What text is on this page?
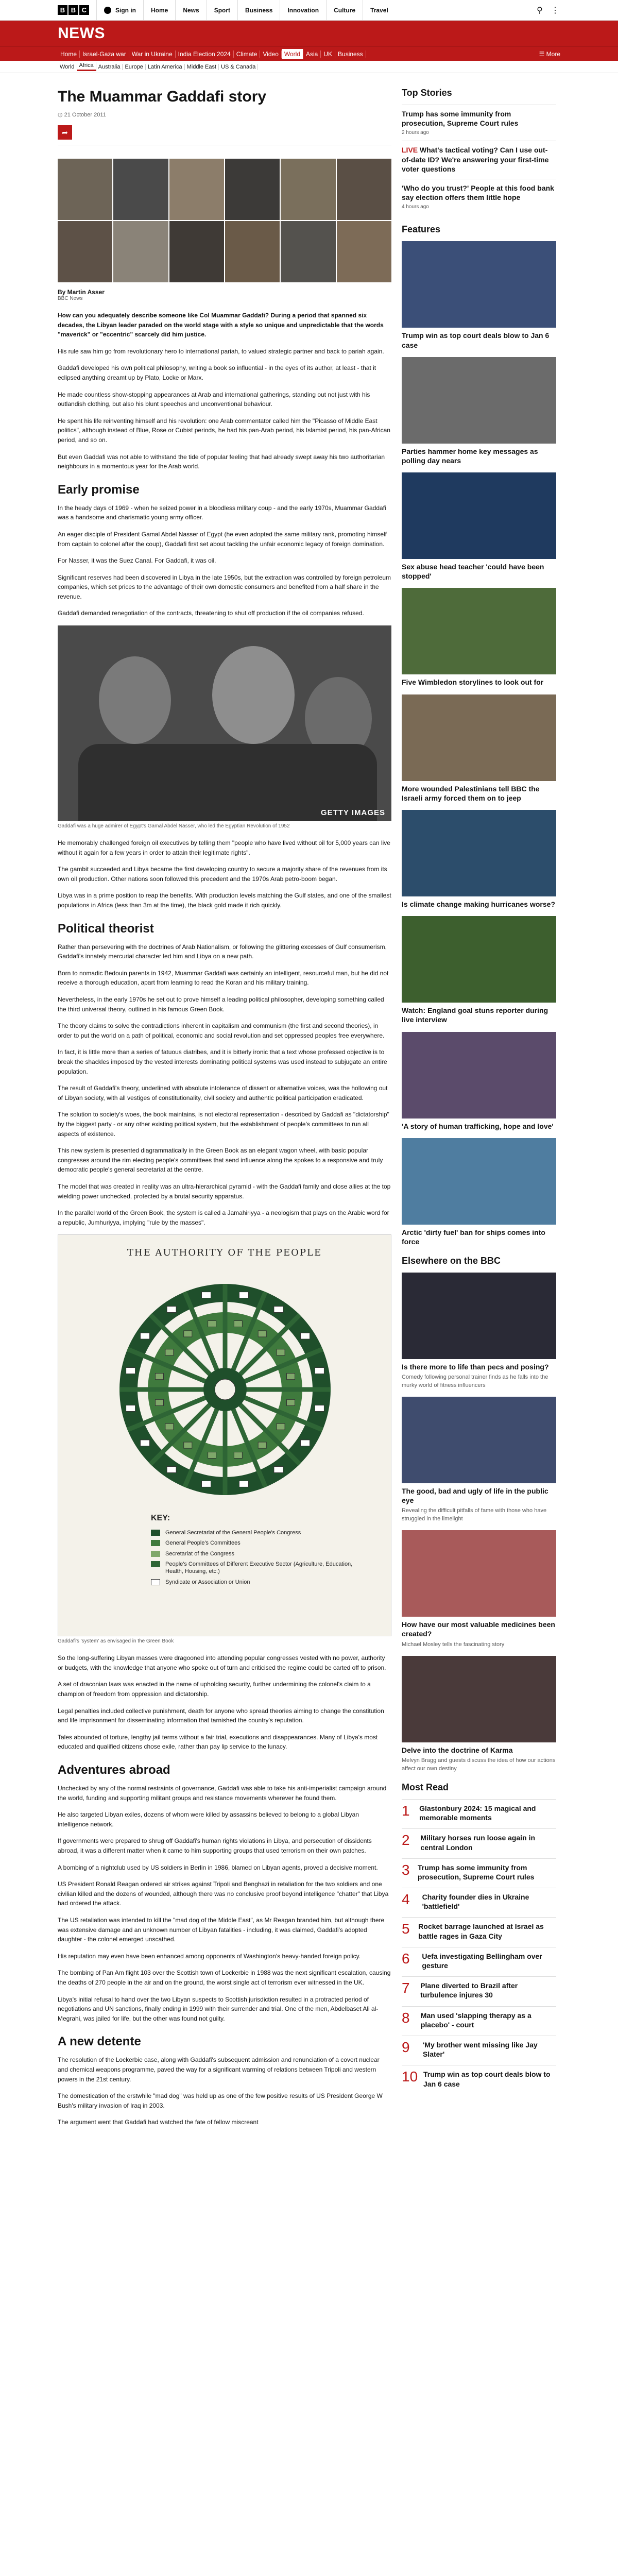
B B C	Sign in	Home	News	Sport	Business	Innovation	Culture	Travel	⚲ ⋮
NEWS
Home Israel-Gaza war War in Ukraine India Election 2024 Climate Video World Asia UK Business	☰ More
World Africa Australia Europe Latin America Middle East US & Canada
The Muammar Gaddafi story
◷ 21 October 2011
➦
By Martin Asser
BBC News

How can you adequately describe someone like Col Muammar Gaddafi? During a period that spanned six decades, the Libyan leader paraded on the world stage with a style so unique and unpredictable that the words "maverick" or "eccentric" scarcely did him justice.

His rule saw him go from revolutionary hero to international pariah, to valued strategic partner and back to pariah again.

Gaddafi developed his own political philosophy, writing a book so influential - in the eyes of its author, at least - that it eclipsed anything dreamt up by Plato, Locke or Marx.

He made countless show-stopping appearances at Arab and international gatherings, standing out not just with his outlandish clothing, but also his blunt speeches and unconventional behaviour.

He spent his life reinventing himself and his revolution: one Arab commentator called him the "Picasso of Middle East politics", although instead of Blue, Rose or Cubist periods, he had his pan-Arab period, his Islamist period, his pan-African period, and so on.

But even Gaddafi was not able to withstand the tide of popular feeling that had already swept away his two authoritarian neighbours in a momentous year for the Arab world.

Early promise

In the heady days of 1969 - when he seized power in a bloodless military coup - and the early 1970s, Muammar Gaddafi was a handsome and charismatic young army officer.

An eager disciple of President Gamal Abdel Nasser of Egypt (he even adopted the same military rank, promoting himself from captain to colonel after the coup), Gaddafi first set about tackling the unfair economic legacy of foreign domination.

For Nasser, it was the Suez Canal. For Gaddafi, it was oil.

Significant reserves had been discovered in Libya in the late 1950s, but the extraction was controlled by foreign petroleum companies, which set prices to the advantage of their own domestic consumers and benefited from a half share in the revenue.

Gaddafi demanded renegotiation of the contracts, threatening to shut off production if the oil companies refused.

GETTY IMAGES
Gaddafi was a huge admirer of Egypt's Gamal Abdel Nasser, who led the Egyptian Revolution of 1952

He memorably challenged foreign oil executives by telling them "people who have lived without oil for 5,000 years can live without it again for a few years in order to attain their legitimate rights".

The gambit succeeded and Libya became the first developing country to secure a majority share of the revenues from its own oil production. Other nations soon followed this precedent and the 1970s Arab petro-boom began.

Libya was in a prime position to reap the benefits. With production levels matching the Gulf states, and one of the smallest populations in Africa (less than 3m at the time), the black gold made it rich quickly.

Political theorist

Rather than persevering with the doctrines of Arab Nationalism, or following the glittering excesses of Gulf consumerism, Gaddafi's innately mercurial character led him and Libya on a new path.

Born to nomadic Bedouin parents in 1942, Muammar Gaddafi was certainly an intelligent, resourceful man, but he did not receive a thorough education, apart from learning to read the Koran and his military training.

Nevertheless, in the early 1970s he set out to prove himself a leading political philosopher, developing something called the third universal theory, outlined in his famous Green Book.

The theory claims to solve the contradictions inherent in capitalism and communism (the first and second theories), in order to put the world on a path of political, economic and social revolution and set oppressed peoples free everywhere.

In fact, it is little more than a series of fatuous diatribes, and it is bitterly ironic that a text whose professed objective is to break the shackles imposed by the vested interests dominating political systems was used instead to subjugate an entire population.

The result of Gaddafi's theory, underlined with absolute intolerance of dissent or alternative voices, was the hollowing out of Libyan society, with all vestiges of constitutionality, civil society and authentic political participation eradicated.

The solution to society's woes, the book maintains, is not electoral representation - described by Gaddafi as "dictatorship" by the biggest party - or any other existing political system, but the establishment of people's committees to run all aspects of existence.

This new system is presented diagrammatically in the Green Book as an elegant wagon wheel, with basic popular congresses around the rim electing people's committees that send influence along the spokes to a responsive and truly democratic people's general secretariat at the centre.

The model that was created in reality was an ultra-hierarchical pyramid - with the Gaddafi family and close allies at the top wielding power unchecked, protected by a brutal security apparatus.

In the parallel world of the Green Book, the system is called a Jamahiriyya - a neologism that plays on the Arabic word for a republic, Jumhuriyya, implying "rule by the masses".

THE AUTHORITY OF THE PEOPLE
KEY:
General Secretariat of the General People's Congress
General People's Committees
Secretariat of the Congress
People's Committees of Different Executive Sector (Agriculture, Education, Health, Housing, etc.)
Syndicate or Association or Union
Gaddafi's 'system' as envisaged in the Green Book

So the long-suffering Libyan masses were dragooned into attending popular congresses vested with no power, authority or budgets, with the knowledge that anyone who spoke out of turn and criticised the regime could be carted off to prison.

A set of draconian laws was enacted in the name of upholding security, further undermining the colonel's claim to a champion of freedom from oppression and dictatorship.

Legal penalties included collective punishment, death for anyone who spread theories aiming to change the constitution and life imprisonment for disseminating information that tarnished the country's reputation.

Tales abounded of torture, lengthy jail terms without a fair trial, executions and disappearances. Many of Libya's most educated and qualified citizens chose exile, rather than pay lip service to the lunacy.

Adventures abroad

Unchecked by any of the normal restraints of governance, Gaddafi was able to take his anti-imperialist campaign around the world, funding and supporting militant groups and resistance movements wherever he found them.

He also targeted Libyan exiles, dozens of whom were killed by assassins believed to belong to a global Libyan intelligence network.

If governments were prepared to shrug off Gaddafi's human rights violations in Libya, and persecution of dissidents abroad, it was a different matter when it came to him supporting groups that used terrorism on their own patches.

A bombing of a nightclub used by US soldiers in Berlin in 1986, blamed on Libyan agents, proved a decisive moment.

US President Ronald Reagan ordered air strikes against Tripoli and Benghazi in retaliation for the two soldiers and one civilian killed and the dozens of wounded, although there was no conclusive proof beyond intelligence "chatter" that Libya had ordered the attack.

The US retaliation was intended to kill the "mad dog of the Middle East", as Mr Reagan branded him, but although there was extensive damage and an unknown number of Libyan fatalities - including, it was claimed, Gaddafi's adopted daughter - the colonel emerged unscathed.

His reputation may even have been enhanced among opponents of Washington's heavy-handed foreign policy.

The bombing of Pan Am flight 103 over the Scottish town of Lockerbie in 1988 was the next significant escalation, causing the deaths of 270 people in the air and on the ground, the worst single act of terrorism ever witnessed in the UK.

Libya's initial refusal to hand over the two Libyan suspects to Scottish jurisdiction resulted in a protracted period of negotiations and UN sanctions, finally ending in 1999 with their surrender and trial. One of the men, Abdelbaset Ali al-Megrahi, was jailed for life, but the other was found not guilty.

A new detente

The resolution of the Lockerbie case, along with Gaddafi's subsequent admission and renunciation of a covert nuclear and chemical weapons programme, paved the way for a significant warming of relations between Tripoli and western powers in the 21st century.

The domestication of the erstwhile "mad dog" was held up as one of the few positive results of US President George W Bush's military invasion of Iraq in 2003.

The argument went that Gaddafi had watched the fate of fellow miscreant

Top Stories
Trump has some immunity from prosecution, Supreme Court rules
2 hours ago
LIVE What's tactical voting? Can I use out-of-date ID? We're answering your first-time voter questions
'Who do you trust?' People at this food bank say election offers them little hope
4 hours ago
Features
Trump win as top court deals blow to Jan 6 case
Parties hammer home key messages as polling day nears
Sex abuse head teacher 'could have been stopped'
Five Wimbledon storylines to look out for
More wounded Palestinians tell BBC the Israeli army forced them on to jeep
Is climate change making hurricanes worse?
Watch: England goal stuns reporter during live interview
'A story of human trafficking, hope and love'
Arctic 'dirty fuel' ban for ships comes into force
Elsewhere on the BBC
Is there more to life than pecs and posing?
Comedy following personal trainer finds as he falls into the murky world of fitness influencers
The good, bad and ugly of life in the public eye
Revealing the difficult pitfalls of fame with those who have struggled in the limelight
How have our most valuable medicines been created?
Michael Mosley tells the fascinating story
Delve into the doctrine of Karma
Melvyn Bragg and guests discuss the idea of how our actions affect our own destiny
Most Read
1	Glastonbury 2024: 15 magical and memorable moments
2	Military horses run loose again in central London
3 Trump has some immunity from prosecution, Supreme Court rules
4	Charity founder dies in Ukraine 'battlefield'
5 Rocket barrage launched at Israel as battle rages in Gaza City
6	Uefa investigating Bellingham over gesture
7	Plane diverted to Brazil after turbulence injures 30
8	Man used 'slapping therapy as a placebo' - court
9	'My brother went missing like Jay Slater'
10 Trump win as top court deals blow to Jan 6 case
